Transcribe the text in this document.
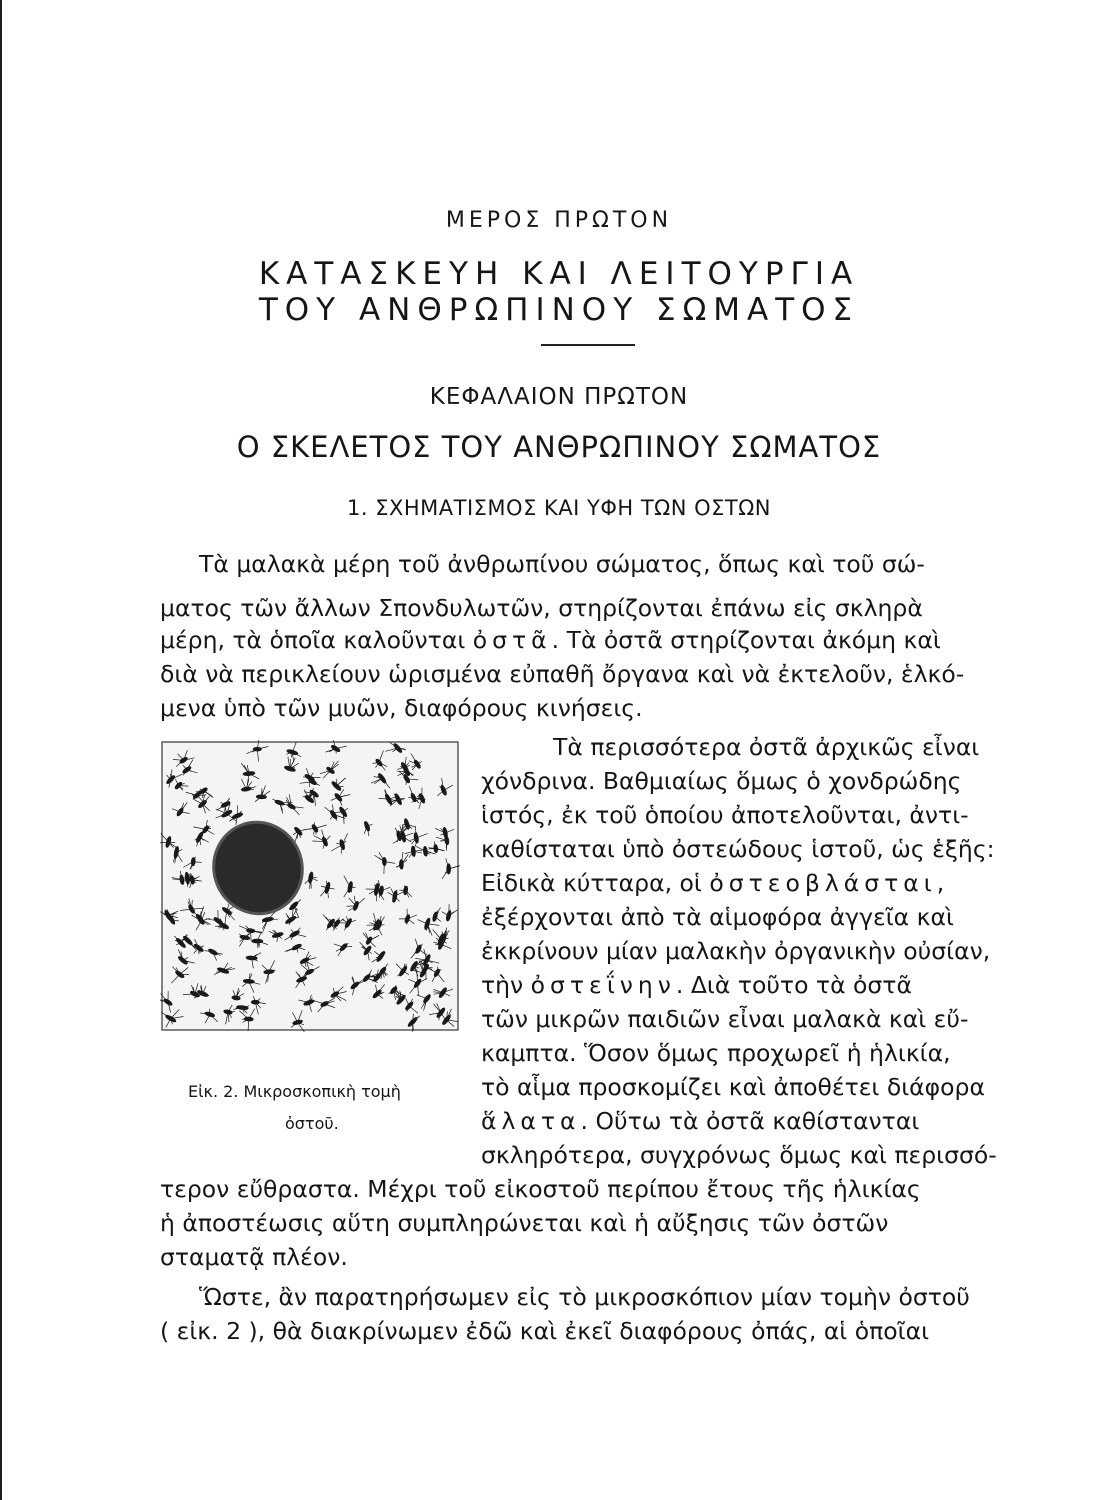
ΜΕΡΟΣ ΠΡΩΤΟΝ
ΚΑΤΑΣΚΕΥΗ ΚΑΙ ΛΕΙΤΟΥΡΓΙΑ
ΤΟΥ ΑΝΘΡΩΠΙΝΟΥ ΣΩΜΑΤΟΣ
ΚΕΦΑΛΑΙΟΝ ΠΡΩΤΟΝ
Ο ΣΚΕΛΕΤΟΣ ΤΟΥ ΑΝΘΡΩΠΙΝΟΥ ΣΩΜΑΤΟΣ
1. ΣΧΗΜΑΤΙΣΜΟΣ ΚΑΙ ΥΦΗ ΤΩΝ ΟΣΤΩΝ
Τὰ μαλακὰ μέρη τοῦ ἀνθρωπίνου σώματος, ὅπως καὶ τοῦ σώ-
ματος τῶν ἄλλων Σπονδυλωτῶν, στηρίζονται ἐπάνω εἰς σκληρὰ
μέρη, τὰ ὁποῖα καλοῦνται ὀστᾶ. Τὰ ὀστᾶ στηρίζονται ἀκόμη καὶ
διὰ νὰ περικλείουν ὡρισμένα εὐπαθῆ ὄργανα καὶ νὰ ἐκτελοῦν, ἑλκό-
μενα ὑπὸ τῶν μυῶν, διαφόρους κινήσεις.
Εἰκ. 2. Μικροσκοπικὴ τομὴ
ὀστοῦ.
Τὰ περισσότερα ὀστᾶ ἀρχικῶς εἶναι
χόνδρινα. Βαθμιαίως ὅμως ὁ χονδρώδης
ἱστός, ἐκ τοῦ ὁποίου ἀποτελοῦνται, ἀντι-
καθίσταται ὑπὸ ὀστεώδους ἱστοῦ, ὡς ἑξῆς:
Εἰδικὰ κύτταρα, οἱ ὀστεοβλάσται,
ἐξέρχονται ἀπὸ τὰ αἱμοφόρα ἀγγεῖα καὶ
ἐκκρίνουν μίαν μαλακὴν ὀργανικὴν οὐσίαν,
τὴν ὀστεΐνην. Διὰ τοῦτο τὰ ὀστᾶ
τῶν μικρῶν παιδιῶν εἶναι μαλακὰ καὶ εὔ-
καμπτα. Ὅσον ὅμως προχωρεῖ ἡ ἡλικία,
τὸ αἷμα προσκομίζει καὶ ἀποθέτει διάφορα
ἅλατα. Οὕτω τὰ ὀστᾶ καθίστανται
σκληρότερα, συγχρόνως ὅμως καὶ περισσό-
τερον εὔθραστα. Μέχρι τοῦ εἰκοστοῦ περίπου ἔτους τῆς ἡλικίας
ἡ ἀποστέωσις αὕτη συμπληρώνεται καὶ ἡ αὔξησις τῶν ὀστῶν
σταματᾷ πλέον.
Ὥστε, ἂν παρατηρήσωμεν εἰς τὸ μικροσκόπιον μίαν τομὴν ὀστοῦ
( εἰκ. 2 ), θὰ διακρίνωμεν ἐδῶ καὶ ἐκεῖ διαφόρους ὀπάς, αἱ ὁποῖαι
